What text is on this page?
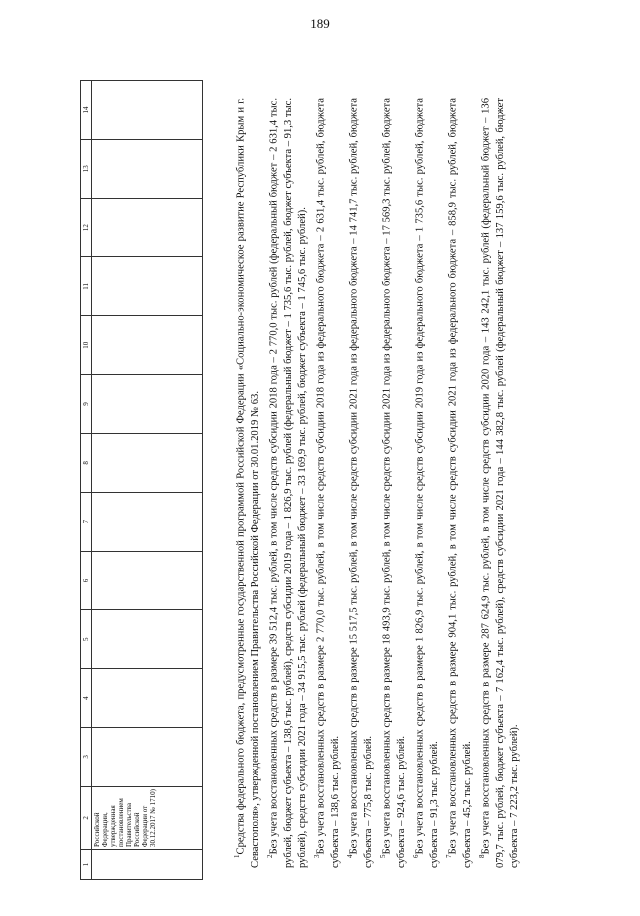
189
1	2	3	4	5	6	7	8	9	10	11	12	13	14
	Российской Федерации, утвержденная постановлением Правительства Российской Федерации от 30.12.2017 № 1710)												

$^1$Средства федерального бюджета, предусмотренные государственной программой Российской Федерации «Социально-экономическое развитие Республики Крым и г. Севастополя», утвержденной постановлением Правительства Российской Федерации от 30.01.2019 № 63. $^2$Без учета восстановленных средств в размере 39 512,4 тыс. рублей, в том числе средств субсидии 2018 года – 2 770,0 тыс. рублей (федеральный бюджет – 2 631,4 тыс. рублей, бюджет субъекта – 138,6 тыс. рублей), средств субсидии 2019 года – 1 826,9 тыс. рублей (федеральный бюджет – 1 735,6 тыс. рублей, бюджет субъекта – 91,3 тыс. рублей), средств субсидии 2021 года – 34 915,5 тыс. рублей (федеральный бюджет – 33 169,9 тыс. рублей, бюджет субъекта – 1 745,6 тыс. рублей). $^3$Без учета восстановленных средств в размере 2 770,0 тыс. рублей, в том числе средств субсидии 2018 года из федерального бюджета – 2 631,4 тыс. рублей, бюджета субъекта – 138,6 тыс. рублей. $^4$Без учета восстановленных средств в размере 15 517,5 тыс. рублей, в том числе средств субсидии 2021 года из федерального бюджета – 14 741,7 тыс. рублей, бюджета субъекта – 775,8 тыс. рублей. $^5$Без учета восстановленных средств в размере 18 493,9 тыс. рублей, в том числе средств субсидии 2021 года из федерального бюджета – 17 569,3 тыс. рублей, бюджета субъекта – 924,6 тыс. рублей. $^6$Без учета восстановленных средств в размере 1 826,9 тыс. рублей, в том числе средств субсидии 2019 года из федерального бюджета – 1 735,6 тыс. рублей, бюджета субъекта – 91,3 тыс. рублей. $^7$Без учета восстановленных средств в размере 904,1 тыс. рублей, в том числе средств субсидии 2021 года из федерального бюджета – 858,9 тыс. рублей, бюджета субъекта – 45,2 тыс. рублей. $^8$Без учета восстановленных средств в размере 287 624,9 тыс. рублей, в том числе средств субсидии 2020 года – 143 242,1 тыс. рублей (федеральный бюджет – 136 079,7 тыс. рублей, бюджет субъекта – 7 162,4 тыс. рублей), средств субсидии 2021 года – 144 382,8 тыс. рублей (федеральный бюджет – 137 159,6 тыс. рублей, бюджет субъекта – 7 223,2 тыс. рублей).
